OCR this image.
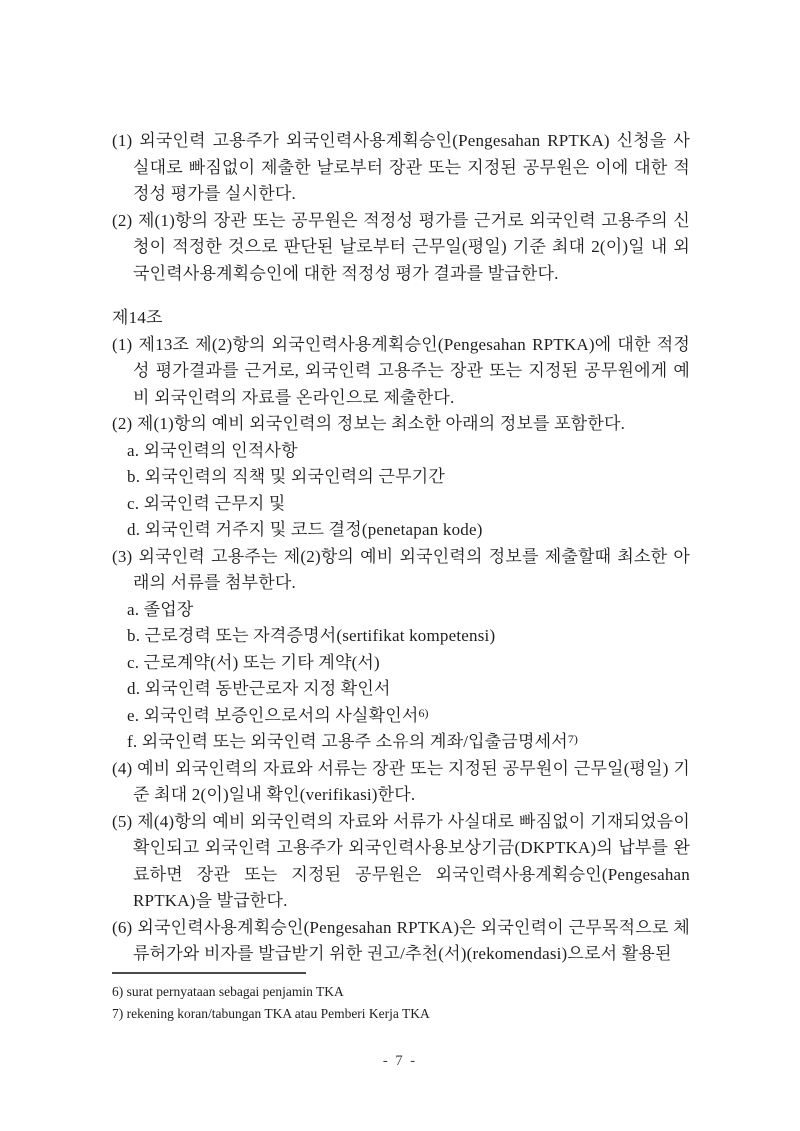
(1) 외국인력 고용주가 외국인력사용계획승인(Pengesahan RPTKA) 신청을 사실대로 빠짐없이 제출한 날로부터 장관 또는 지정된 공무원은 이에 대한 적정성 평가를 실시한다.
(2) 제(1)항의 장관 또는 공무원은 적정성 평가를 근거로 외국인력 고용주의 신청이 적정한 것으로 판단된 날로부터 근무일(평일) 기준 최대 2(이)일 내 외국인력사용계획승인에 대한 적정성 평가 결과를 발급한다.
제14조
(1) 제13조 제(2)항의 외국인력사용계획승인(Pengesahan RPTKA)에 대한 적정성 평가결과를 근거로, 외국인력 고용주는 장관 또는 지정된 공무원에게 예비 외국인력의 자료를 온라인으로 제출한다.
(2) 제(1)항의 예비 외국인력의 정보는 최소한 아래의 정보를 포함한다.
a. 외국인력의 인적사항
b. 외국인력의 직책 및 외국인력의 근무기간
c. 외국인력 근무지 및
d. 외국인력 거주지 및 코드 결정(penetapan kode)
(3) 외국인력 고용주는 제(2)항의 예비 외국인력의 정보를 제출할때 최소한 아래의 서류를 첨부한다.
a. 졸업장
b. 근로경력 또는 자격증명서(sertifikat kompetensi)
c. 근로계약(서) 또는 기타 계약(서)
d. 외국인력 동반근로자 지정 확인서
e. 외국인력 보증인으로서의 사실확인서$^{6)}$
f. 외국인력 또는 외국인력 고용주 소유의 계좌/입출금명세서$^{7)}$
(4) 예비 외국인력의 자료와 서류는 장관 또는 지정된 공무원이 근무일(평일) 기준 최대 2(이)일내 확인(verifikasi)한다.
(5) 제(4)항의 예비 외국인력의 자료와 서류가 사실대로 빠짐없이 기재되었음이 확인되고 외국인력 고용주가 외국인력사용보상기금(DKPTKA)의 납부를 완료하면 장관 또는 지정된 공무원은 외국인력사용계획승인(Pengesahan RPTKA)을 발급한다.
(6) 외국인력사용계획승인(Pengesahan RPTKA)은 외국인력이 근무목적으로 체류허가와 비자를 발급받기 위한 권고/추천(서)(rekomendasi)으로서 활용된
6) surat pernyataan sebagai penjamin TKA
7) rekening koran/tabungan TKA atau Pemberi Kerja TKA
- 7 -
